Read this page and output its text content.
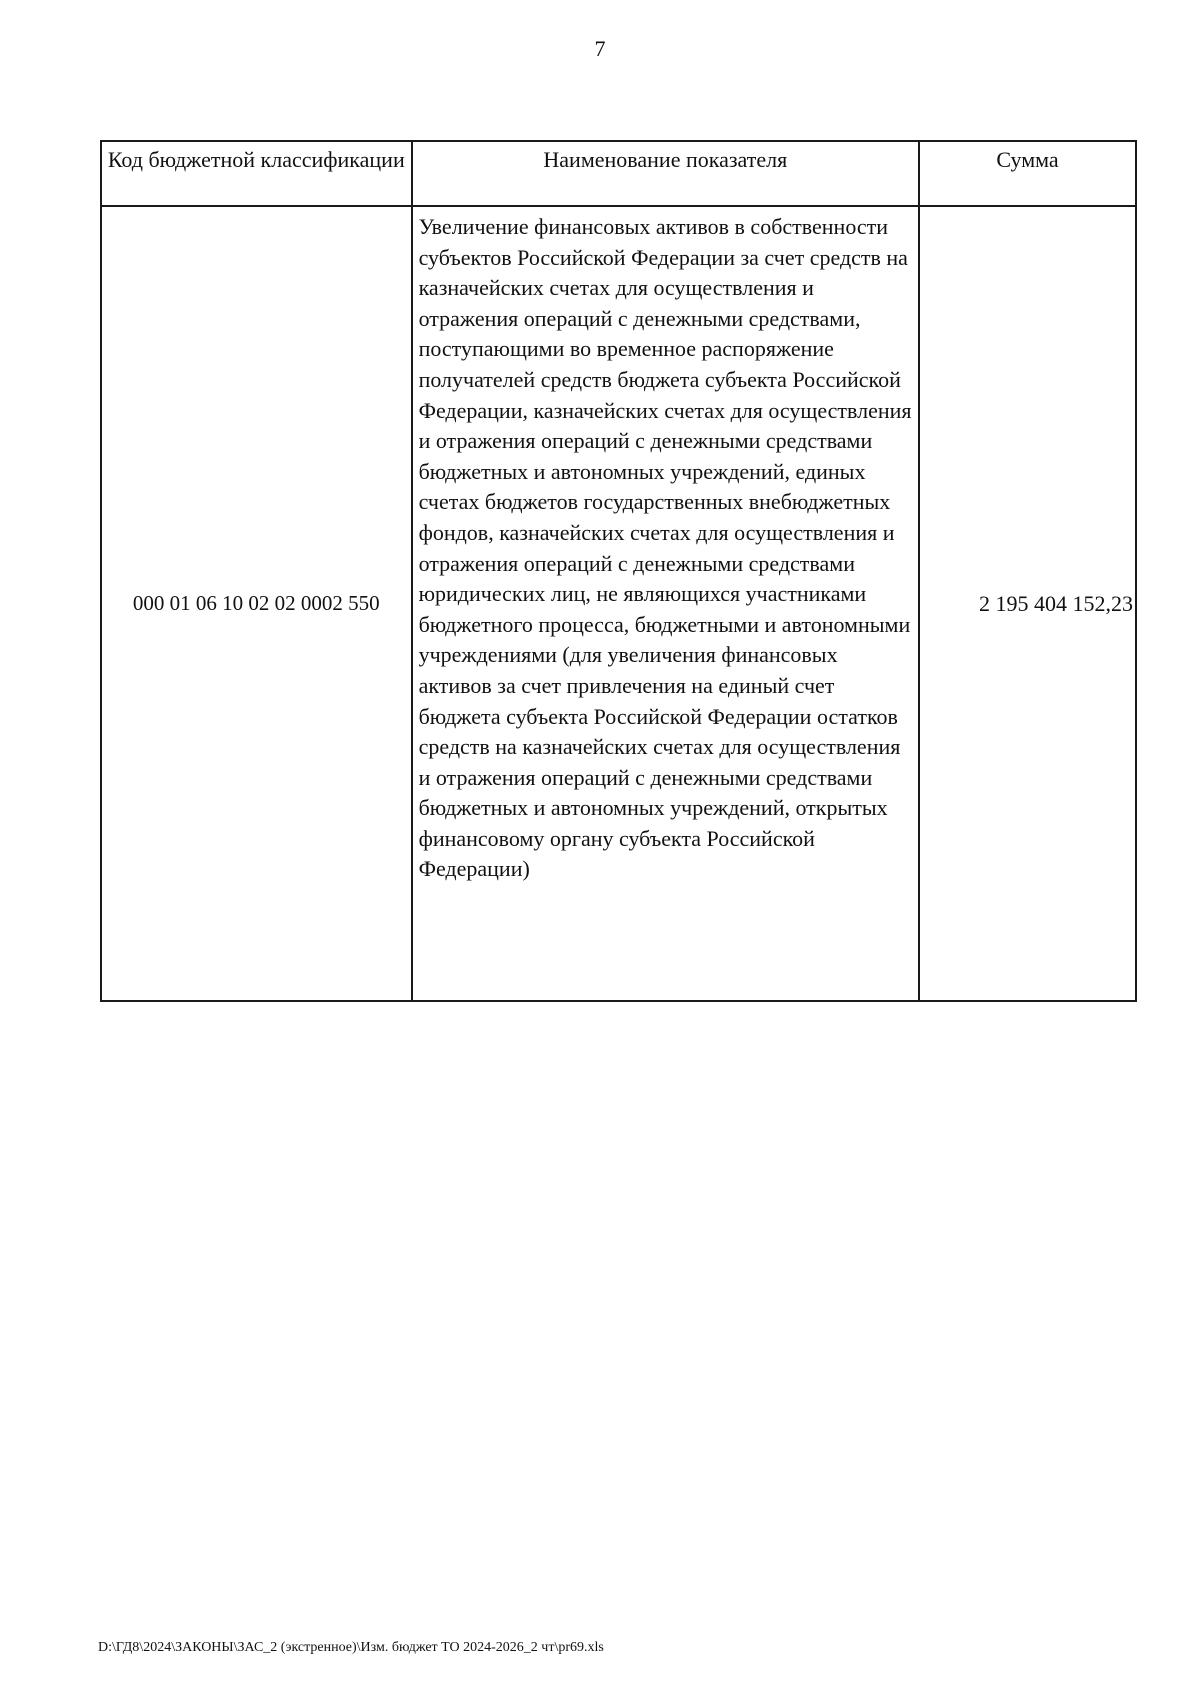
7
Код бюджетной классификации	Наименование показателя	Сумма
000 01 06 10 02 02 0002 550	Увеличение финансовых активов в собственности субъектов Российской Федерации за счет средств на казначейских счетах для осуществления и отражения операций с денежными средствами, поступающими во временное распоряжение получателей средств бюджета субъекта Российской Федерации, казначейских счетах для осуществления и отражения операций с денежными средствами бюджетных и автономных учреждений, единых счетах бюджетов государственных внебюджетных фондов, казначейских счетах для осуществления и отражения операций с денежными средствами юридических лиц, не являющихся участниками бюджетного процесса, бюджетными и автономными учреждениями (для увеличения финансовых активов за счет привлечения на единый счет бюджета субъекта Российской Федерации остатков средств на казначейских счетах для осуществления и отражения операций с денежными средствами бюджетных и автономных учреждений, открытых финансовому органу субъекта Российской Федерации)	2 195 404 152,23
D:\ГД8\2024\ЗАКОНЫ\ЗАС_2 (экстренное)\Изм. бюджет ТО 2024-2026_2 чт\pr69.xls
